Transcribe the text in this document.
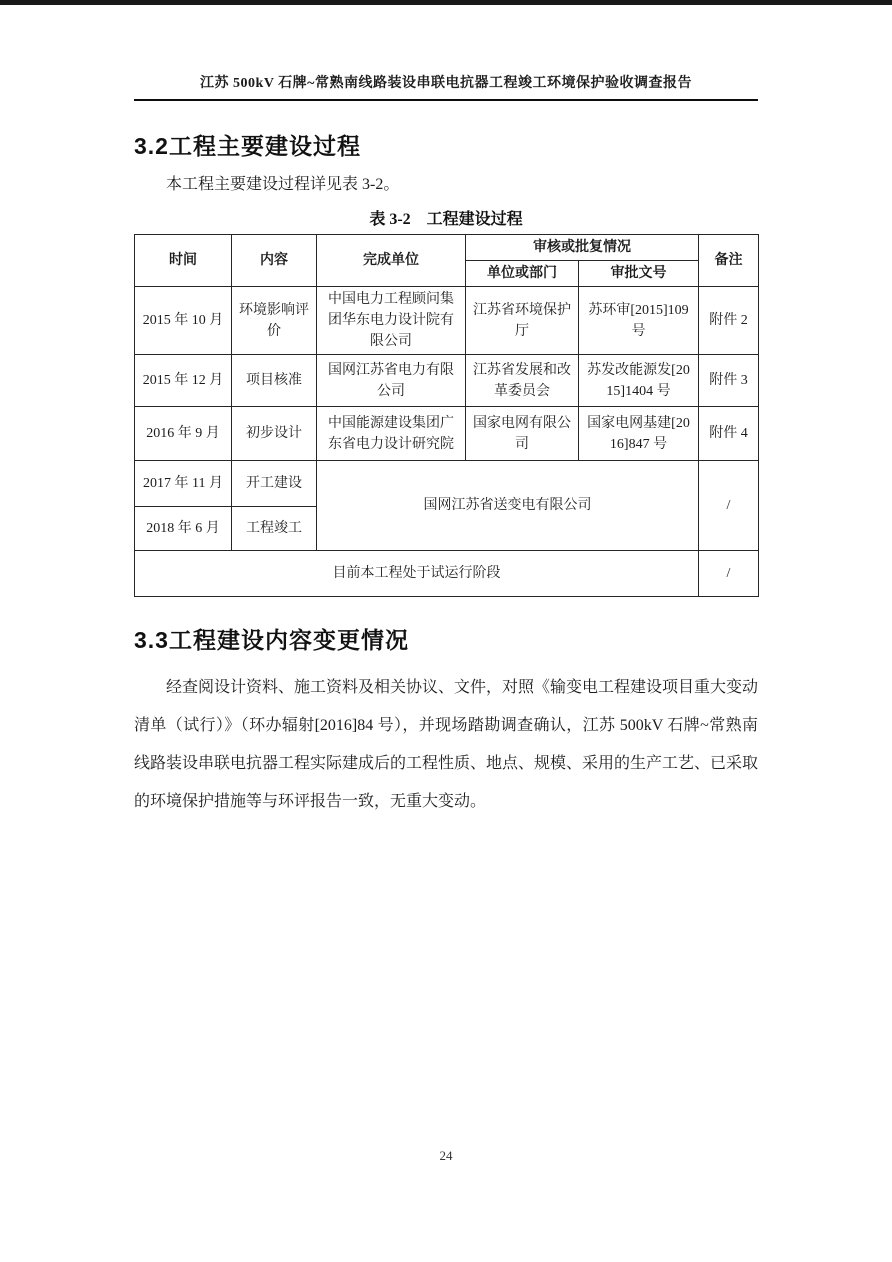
江苏 500kV 石牌~常熟南线路装设串联电抗器工程竣工环境保护验收调查报告
3.2工程主要建设过程

本工程主要建设过程详见表 3-2。

表 3-2　工程建设过程
时间	内容	完成单位	审核或批复情况		备注
			单位或部门	审批文号	
2015 年 10 月	环境影响评价	中国电力工程顾问集团华东电力设计院有限公司	江苏省环境保护厅	苏环审[2015]109 号	附件 2
2015 年 12 月	项目核准	国网江苏省电力有限公司	江苏省发展和改革委员会	苏发改能源发[2015]1404 号	附件 3
2016 年 9 月	初步设计	中国能源建设集团广东省电力设计研究院	国家电网有限公司	国家电网基建[2016]847 号	附件 4
2017 年 11 月	开工建设	国网江苏省送变电有限公司			/
2018 年 6 月	工程竣工				
目前本工程处于试运行阶段					/
3.3工程建设内容变更情况

经查阅设计资料、施工资料及相关协议、文件，对照《输变电工程建设项目重大变动清单（试行）》（环办辐射[2016]84 号），并现场踏勘调查确认，江苏 500kV 石牌~常熟南线路装设串联电抗器工程实际建成后的工程性质、地点、规模、采用的生产工艺、已采取的环境保护措施等与环评报告一致，无重大变动。

24
